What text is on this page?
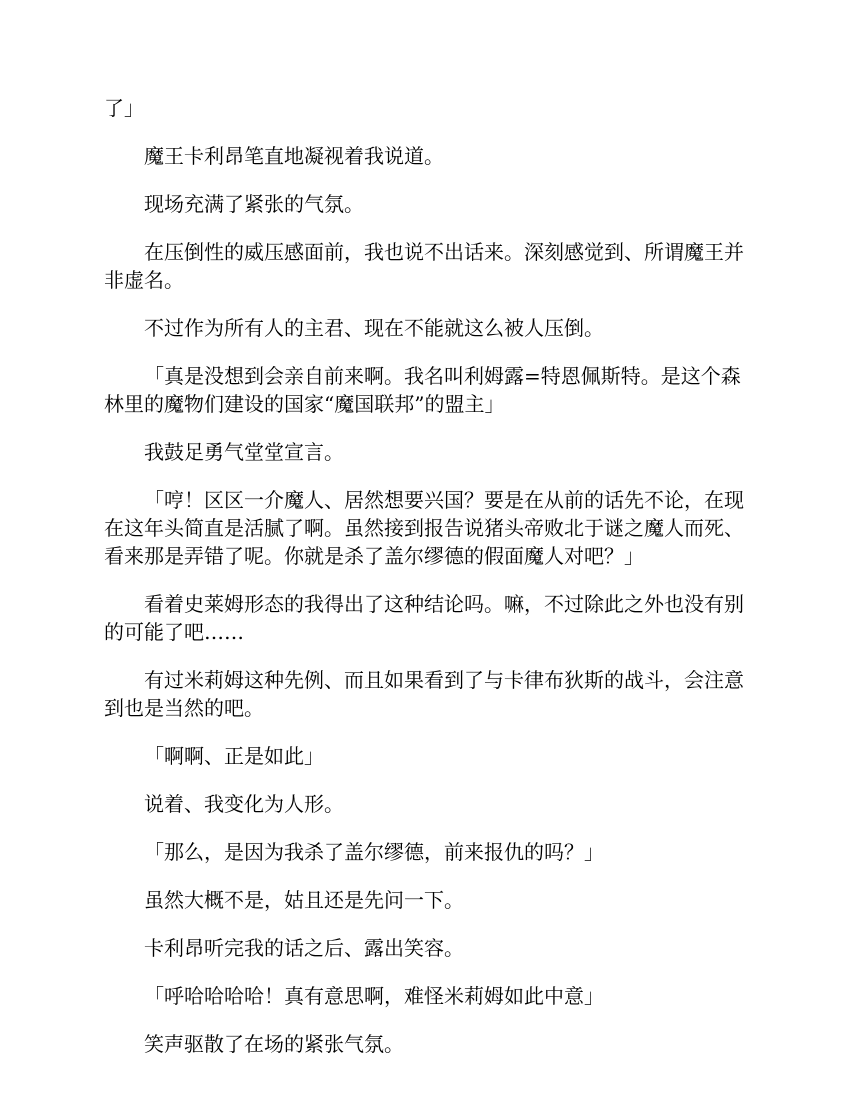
了」

魔王卡利昂笔直地凝视着我说道。

现场充满了紧张的气氛。

在压倒性的威压感面前，我也说不出话来。深刻感觉到、所谓魔王并非虚名。

不过作为所有人的主君、现在不能就这么被人压倒。

「真是没想到会亲自前来啊。我名叫利姆露=特恩佩斯特。是这个森林里的魔物们建设的国家“魔国联邦”的盟主」

我鼓足勇气堂堂宣言。

「哼！区区一介魔人、居然想要兴国？要是在从前的话先不论，在现在这年头简直是活腻了啊。虽然接到报告说猪头帝败北于谜之魔人而死、看来那是弄错了呢。你就是杀了盖尔缪德的假面魔人对吧？」

看着史莱姆形态的我得出了这种结论吗。嘛，不过除此之外也没有别的可能了吧……

有过米莉姆这种先例、而且如果看到了与卡律布狄斯的战斗，会注意到也是当然的吧。

「啊啊、正是如此」

说着、我变化为人形。

「那么，是因为我杀了盖尔缪德，前来报仇的吗？」

虽然大概不是，姑且还是先问一下。

卡利昂听完我的话之后、露出笑容。

「呼哈哈哈哈！真有意思啊，难怪米莉姆如此中意」

笑声驱散了在场的紧张气氛。
